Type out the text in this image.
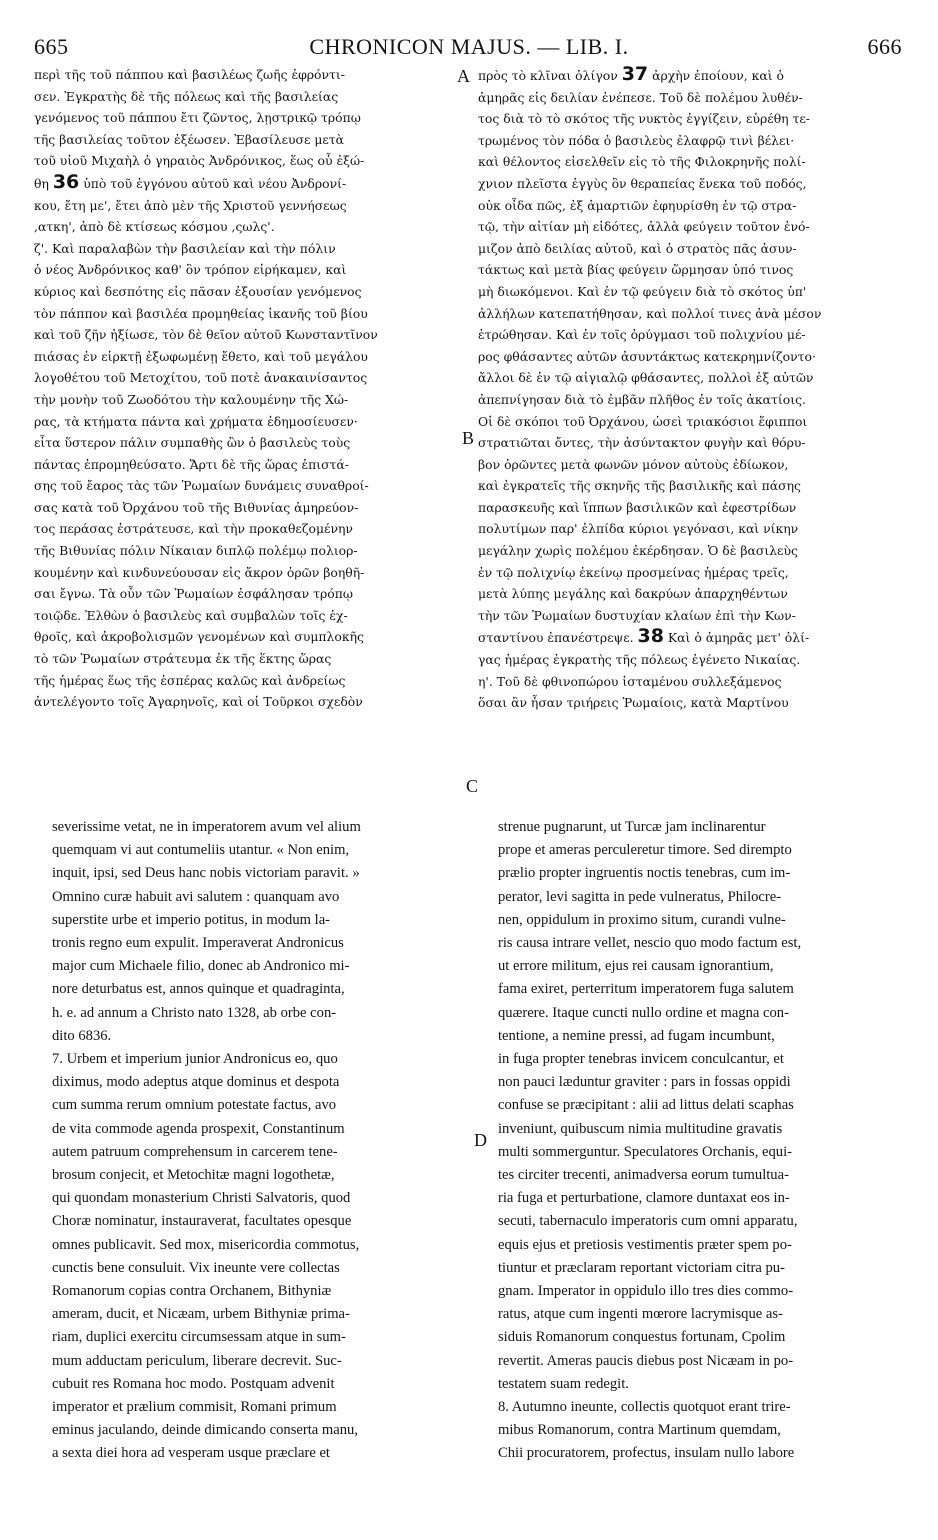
665	CHRONICON MAJUS. — LIB. I.	666

περὶ τῆς τοῦ πάππου καὶ βασιλέως ζωῆς ἐφρόντι-

σεν. Ἐγκρατὴς δὲ τῆς πόλεως καὶ τῆς βασιλείας

γενόμενος τοῦ πάππου ἔτι ζῶντος, λῃστρικῷ τρόπῳ

τῆς βασιλείας τοῦτον ἐξέωσεν. Ἐβασίλευσε μετὰ

τοῦ υἱοῦ Μιχαὴλ ὁ γηραιὸς Ἀνδρόνικος, ἕως οὗ ἐξώ-

θη 36 ὑπὸ τοῦ ἐγγόνου αὐτοῦ καὶ νέου Ἀνδρονί-

κου, ἔτη με', ἔτει ἀπὸ μὲν τῆς Χριστοῦ γεννήσεως

,ατκη', ἀπὸ δὲ κτίσεως κόσμου ,ςωλς'.

ζ'. Καὶ παραλαβὼν τὴν βασιλείαν καὶ τὴν πόλιν

ὁ νέος Ἀνδρόνικος καθ' ὃν τρόπον εἰρήκαμεν, καὶ

κύριος καὶ δεσπότης εἰς πᾶσαν ἐξουσίαν γενόμενος

τὸν πάππον καὶ βασιλέα προμηθείας ἱκανῆς τοῦ βίου

καὶ τοῦ ζῆν ἠξίωσε, τὸν δὲ θεῖον αὐτοῦ Κωνσταντῖνον

πιάσας ἐν εἱρκτῇ ἐξωφωμένῃ ἔθετο, καὶ τοῦ μεγάλου

λογοθέτου τοῦ Μετοχίτου, τοῦ ποτὲ ἀνακαινίσαντος

τὴν μονὴν τοῦ Ζωοδότου τὴν καλουμένην τῆς Χώ-

ρας, τὰ κτήματα πάντα καὶ χρήματα ἐδημοσίευσεν·

εἶτα ὕστερον πάλιν συμπαθὴς ὢν ὁ βασιλεὺς τοὺς

πάντας ἐπρομηθεύσατο. Ἄρτι δὲ τῆς ὥρας ἐπιστά-

σης τοῦ ἔαρος τὰς τῶν Ῥωμαίων δυνάμεις συναθροί-

σας κατὰ τοῦ Ὀρχάνου τοῦ τῆς Βιθυνίας ἀμηρεύον-

τος περάσας ἐστράτευσε, καὶ τὴν προκαθεζομένην

τῆς Βιθυνίας πόλιν Νίκαιαν διπλῷ πολέμῳ πολιορ-

κουμένην καὶ κινδυνεύουσαν εἰς ἄκρον ὁρῶν βοηθῆ-

σαι ἔγνω. Τὰ οὖν τῶν Ῥωμαίων ἐσφάλησαν τρόπῳ

τοιῷδε. Ἐλθὼν ὁ βασιλεὺς καὶ συμβαλὼν τοῖς ἐχ-

θροῖς, καὶ ἀκροβολισμῶν γενομένων καὶ συμπλοκῆς

τὸ τῶν Ῥωμαίων στράτευμα ἐκ τῆς ἕκτης ὥρας

τῆς ἡμέρας ἕως τῆς ἑσπέρας καλῶς καὶ ἀνδρείως

ἀντελέγοντο τοῖς Ἀγαρηνοῖς, καὶ οἱ Τοῦρκοι σχεδὸν

πρὸς τὸ κλῖναι ὀλίγον 37 ἀρχὴν ἐποίουν, καὶ ὁ

ἀμηρᾶς εἰς δειλίαν ἐνέπεσε. Τοῦ δὲ πολέμου λυθέν-

τος διὰ τὸ τὸ σκότος τῆς νυκτὸς ἐγγίζειν, εὑρέθη τε-

τρωμένος τὸν πόδα ὁ βασιλεὺς ἐλαφρῷ τινὶ βέλει·

καὶ θέλοντος εἰσελθεῖν εἰς τὸ τῆς Φιλοκρηνῆς πολί-

χνιον πλεῖστα ἐγγὺς ὂν θεραπείας ἕνεκα τοῦ ποδός,

οὐκ οἶδα πῶς, ἐξ ἁμαρτιῶν ἐφηυρίσθη ἐν τῷ στρα-

τῷ, τὴν αἰτίαν μὴ εἰδότες, ἀλλὰ φεύγειν τοῦτον ἐνό-

μιζον ἀπὸ δειλίας αὐτοῦ, καὶ ὁ στρατὸς πᾶς ἀσυν-

τάκτως καὶ μετὰ βίας φεύγειν ὥρμησαν ὑπό τινος

μὴ διωκόμενοι. Καὶ ἐν τῷ φεύγειν διὰ τὸ σκότος ὑπ'

ἀλλήλων κατεπατήθησαν, καὶ πολλοί τινες ἀνὰ μέσον

ἐτρώθησαν. Καὶ ἐν τοῖς ὀρύγμασι τοῦ πολιχνίου μέ-

ρος φθάσαντες αὐτῶν ἀσυντάκτως κατεκρημνίζοντο·

ἄλλοι δὲ ἐν τῷ αἰγιαλῷ φθάσαντες, πολλοὶ ἐξ αὐτῶν

ἀπεπνίγησαν διὰ τὸ ἐμβᾶν πλῆθος ἐν τοῖς ἀκατίοις.

Οἱ δὲ σκόποι τοῦ Ὀρχάνου, ὡσεὶ τριακόσιοι ἔφιπποι

στρατιῶται ὄντες, τὴν ἀσύντακτον φυγὴν καὶ θόρυ-

βον ὁρῶντες μετὰ φωνῶν μόνον αὐτοὺς ἐδίωκον,

καὶ ἐγκρατεῖς τῆς σκηνῆς τῆς βασιλικῆς καὶ πάσης

παρασκευῆς καὶ ἵππων βασιλικῶν καὶ ἐφεστρίδων

πολυτίμων παρ' ἐλπίδα κύριοι γεγόνασι, καὶ νίκην

μεγάλην χωρὶς πολέμου ἐκέρδησαν. Ὁ δὲ βασιλεὺς

ἐν τῷ πολιχνίῳ ἐκείνῳ προσμείνας ἡμέρας τρεῖς,

μετὰ λύπης μεγάλης καὶ δακρύων ἀπαρχηθέντων

τὴν τῶν Ῥωμαίων δυστυχίαν κλαίων ἐπὶ τὴν Κων-

σταντίνου ἐπανέστρεψε. 38 Καὶ ὁ ἀμηρᾶς μετ' ὀλί-

γας ἡμέρας ἐγκρατὴς τῆς πόλεως ἐγένετο Νικαίας.

η'. Τοῦ δὲ φθινοπώρου ἱσταμένου συλλεξάμενος

ὅσαι ἂν ἦσαν τριήρεις Ῥωμαίοις, κατὰ Μαρτίνου

severissime vetat, ne in imperatorem avum vel alium

quemquam vi aut contumeliis utantur. « Non enim,

inquit, ipsi, sed Deus hanc nobis victoriam paravit. »

Omnino curæ habuit avi salutem : quanquam avo

superstite urbe et imperio potitus, in modum la-

tronis regno eum expulit. Imperaverat Andronicus

major cum Michaele filio, donec ab Andronico mi-

nore deturbatus est, annos quinque et quadraginta,

h. e. ad annum a Christo nato 1328, ab orbe con-

dito 6836.

7. Urbem et imperium junior Andronicus eo, quo

diximus, modo adeptus atque dominus et despota

cum summa rerum omnium potestate factus, avo

de vita commode agenda prospexit, Constantinum

autem patruum comprehensum in carcerem tene-

brosum conjecit, et Metochitæ magni logothetæ,

qui quondam monasterium Christi Salvatoris, quod

Choræ nominatur, instauraverat, facultates opesque

omnes publicavit. Sed mox, misericordia commotus,

cunctis bene consuluit. Vix ineunte vere collectas

Romanorum copias contra Orchanem, Bithyniæ

ameram, ducit, et Nicæam, urbem Bithyniæ prima-

riam, duplici exercitu circumsessam atque in sum-

mum adductam periculum, liberare decrevit. Suc-

cubuit res Romana hoc modo. Postquam advenit

imperator et prælium commisit, Romani primum

eminus jaculando, deinde dimicando conserta manu,

a sexta diei hora ad vesperam usque præclare et

strenue pugnarunt, ut Turcæ jam inclinarentur

prope et ameras perculeretur timore. Sed dirempto

prælio propter ingruentis noctis tenebras, cum im-

perator, levi sagitta in pede vulneratus, Philocre-

nen, oppidulum in proximo situm, curandi vulne-

ris causa intrare vellet, nescio quo modo factum est,

ut errore militum, ejus rei causam ignorantium,

fama exiret, perterritum imperatorem fuga salutem

quærere. Itaque cuncti nullo ordine et magna con-

tentione, a nemine pressi, ad fugam incumbunt,

in fuga propter tenebras invicem conculcantur, et

non pauci læduntur graviter : pars in fossas oppidi

confuse se præcipitant : alii ad littus delati scaphas

inveniunt, quibuscum nimia multitudine gravatis

multi sommerguntur. Speculatores Orchanis, equi-

tes circiter trecenti, animadversa eorum tumultua-

ria fuga et perturbatione, clamore duntaxat eos in-

secuti, tabernaculo imperatoris cum omni apparatu,

equis ejus et pretiosis vestimentis præter spem po-

tiuntur et præclaram reportant victoriam citra pu-

gnam. Imperator in oppidulo illo tres dies commo-

ratus, atque cum ingenti mœrore lacrymisque as-

siduis Romanorum conquestus fortunam, Cpolim

revertit. Ameras paucis diebus post Nicæam in po-

testatem suam redegit.

8. Autumno ineunte, collectis quotquot erant trire-

mibus Romanorum, contra Martinum quemdam,

Chii procuratorem, profectus, insulam nullo labore

A
B
C
D
